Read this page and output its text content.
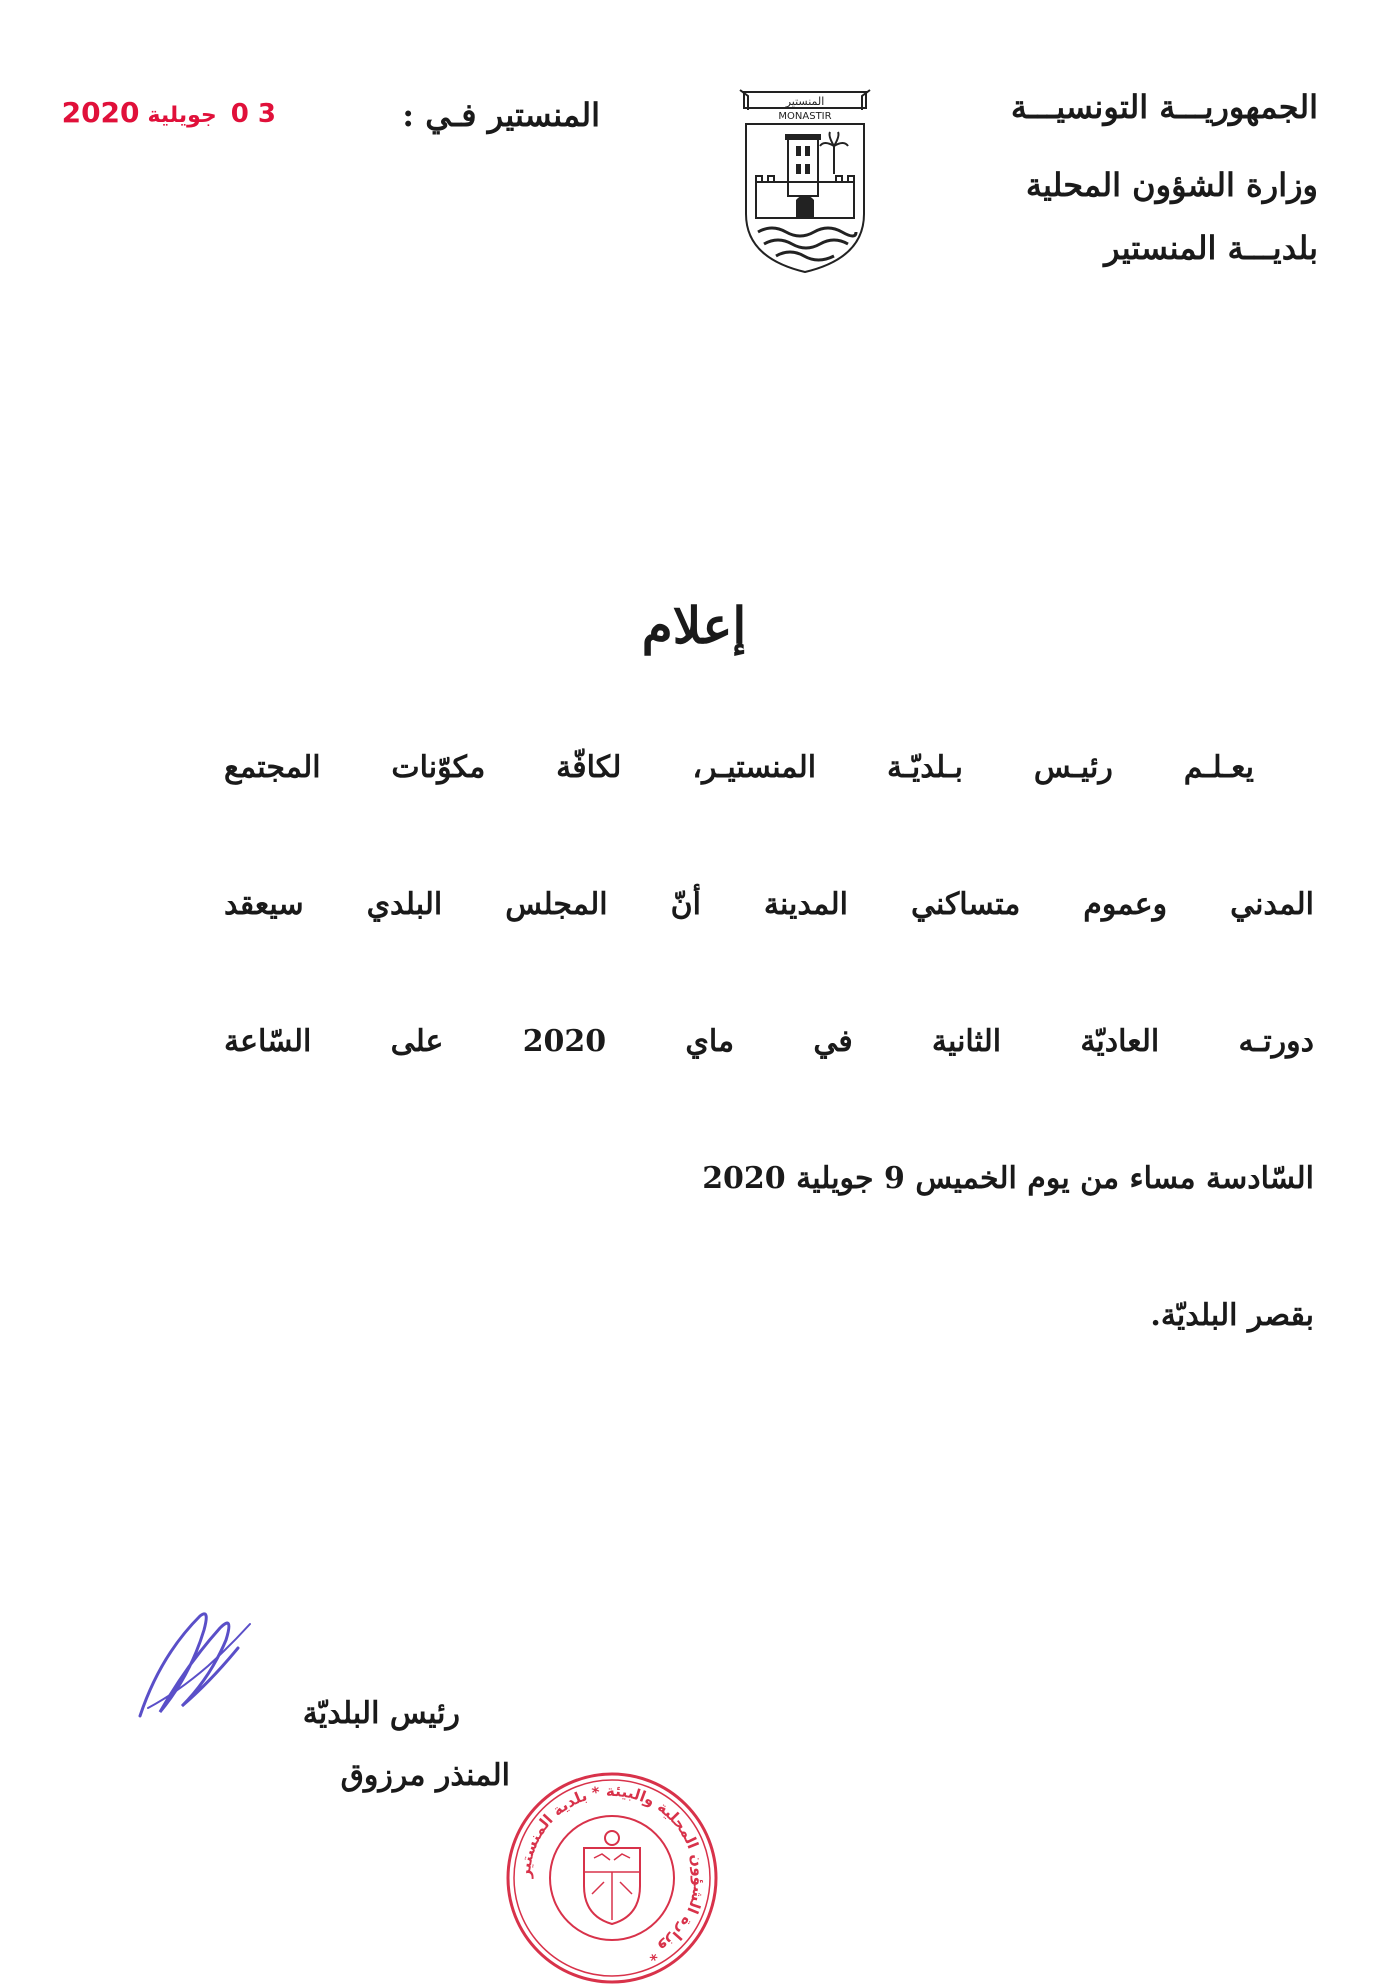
الجمهوريـــة التونسيـــة
وزارة الشؤون المحلية
بلديـــة المنستير
المنستير
MONASTIR
المنستير فـي :
3 0جويلية2020
إعلام
يعـلـم رئيـس بـلديّـة المنستيـر، لكافّة مكوّنات المجتمع
المدني وعموم متساكني المدينة أنّ المجلس البلدي سيعقد
دورتـه العاديّة الثانية في ماي 2020 على السّاعة
السّادسة مساء من يوم الخميس 9 جويلية 2020
بقصر البلديّة.
رئيس البلديّة
المنذر مرزوق
وزارة الشؤون المحلية والبيئة * بلدية المنستير *
